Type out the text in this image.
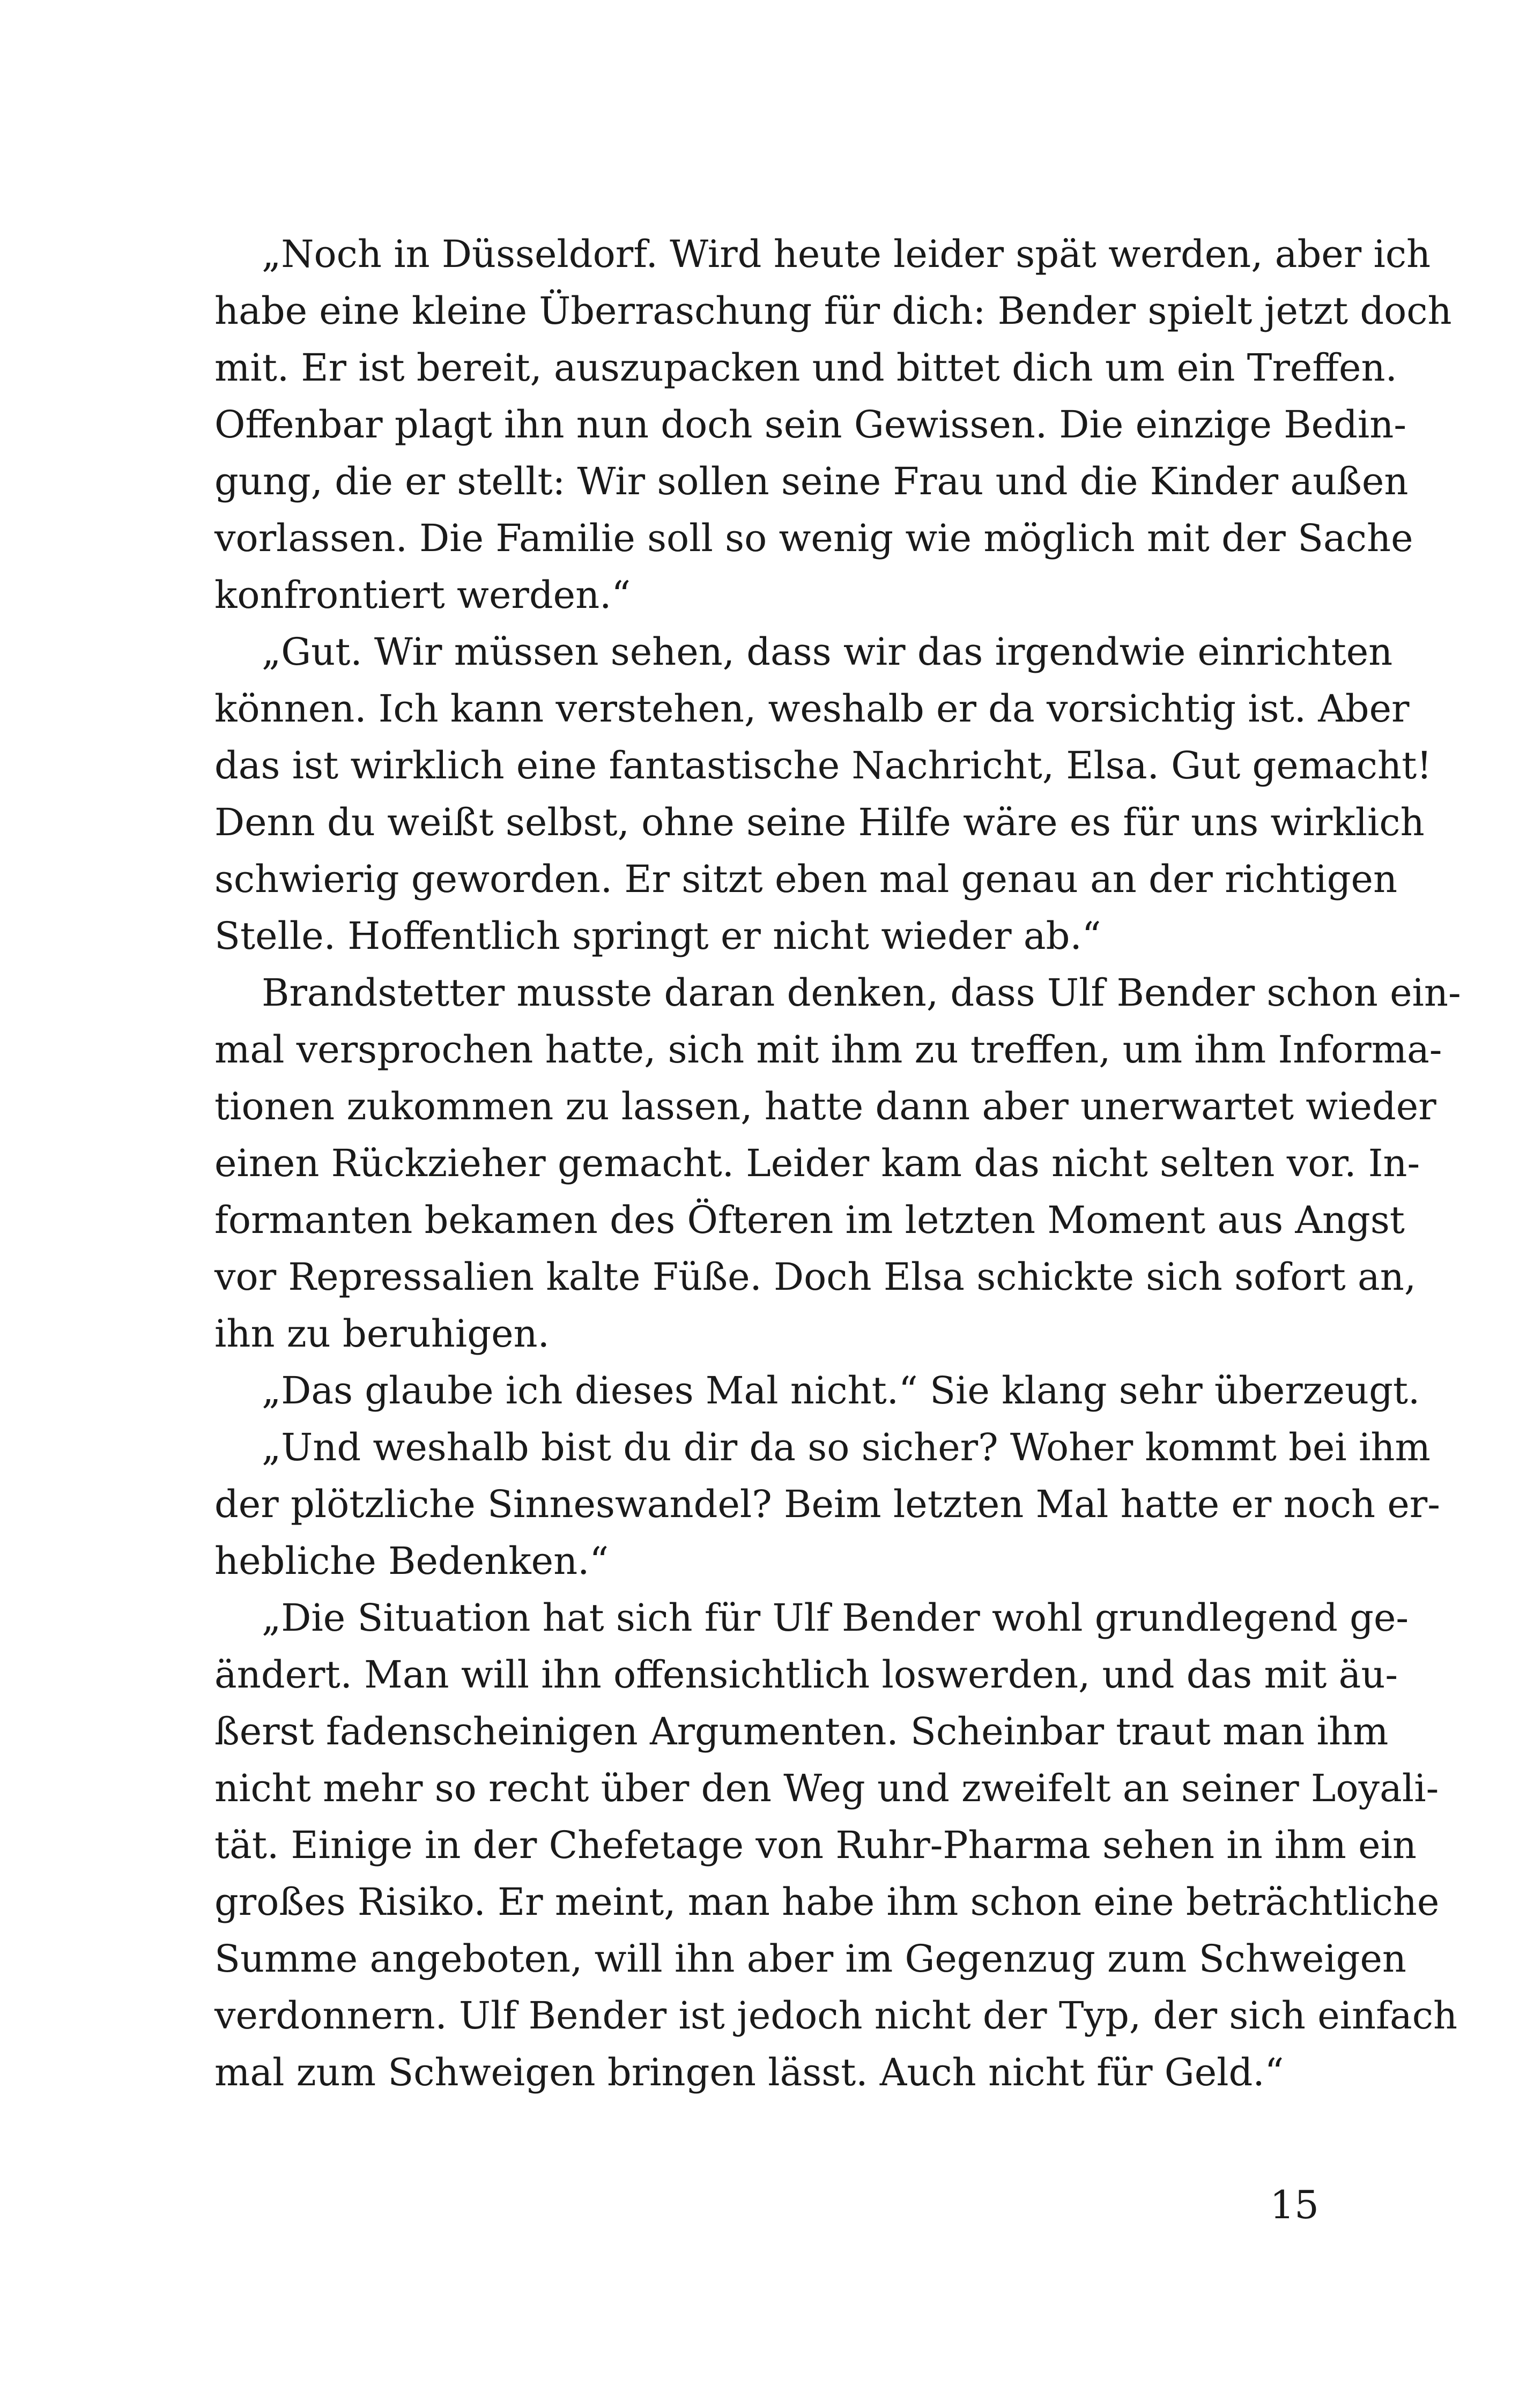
„Noch in Düsseldorf. Wird heute leider spät werden, aber ich
habe eine kleine Überraschung für dich: Bender spielt jetzt doch
mit. Er ist bereit, auszupacken und bittet dich um ein Treffen.
Offenbar plagt ihn nun doch sein Gewissen. Die einzige Bedin-
gung, die er stellt: Wir sollen seine Frau und die Kinder außen
vorlassen. Die Familie soll so wenig wie möglich mit der Sache
konfrontiert werden.“
„Gut. Wir müssen sehen, dass wir das irgendwie einrichten
können. Ich kann verstehen, weshalb er da vorsichtig ist. Aber
das ist wirklich eine fantastische Nachricht, Elsa. Gut gemacht!
Denn du weißt selbst, ohne seine Hilfe wäre es für uns wirklich
schwierig geworden. Er sitzt eben mal genau an der richtigen
Stelle. Hoffentlich springt er nicht wieder ab.“
Brandstetter musste daran denken, dass Ulf Bender schon ein-
mal versprochen hatte, sich mit ihm zu treffen, um ihm Informa-
tionen zukommen zu lassen, hatte dann aber unerwartet wieder
einen Rückzieher gemacht. Leider kam das nicht selten vor. In-
formanten bekamen des Öfteren im letzten Moment aus Angst
vor Repressalien kalte Füße. Doch Elsa schickte sich sofort an,
ihn zu beruhigen.
„Das glaube ich dieses Mal nicht.“ Sie klang sehr überzeugt.
„Und weshalb bist du dir da so sicher? Woher kommt bei ihm
der plötzliche Sinneswandel? Beim letzten Mal hatte er noch er-
hebliche Bedenken.“
„Die Situation hat sich für Ulf Bender wohl grundlegend ge-
ändert. Man will ihn offensichtlich loswerden, und das mit äu-
ßerst fadenscheinigen Argumenten. Scheinbar traut man ihm
nicht mehr so recht über den Weg und zweifelt an seiner Loyali-
tät. Einige in der Chefetage von Ruhr-Pharma sehen in ihm ein
großes Risiko. Er meint, man habe ihm schon eine beträchtliche
Summe angeboten, will ihn aber im Gegenzug zum Schweigen
verdonnern. Ulf Bender ist jedoch nicht der Typ, der sich einfach
mal zum Schweigen bringen lässt. Auch nicht für Geld.“
15
